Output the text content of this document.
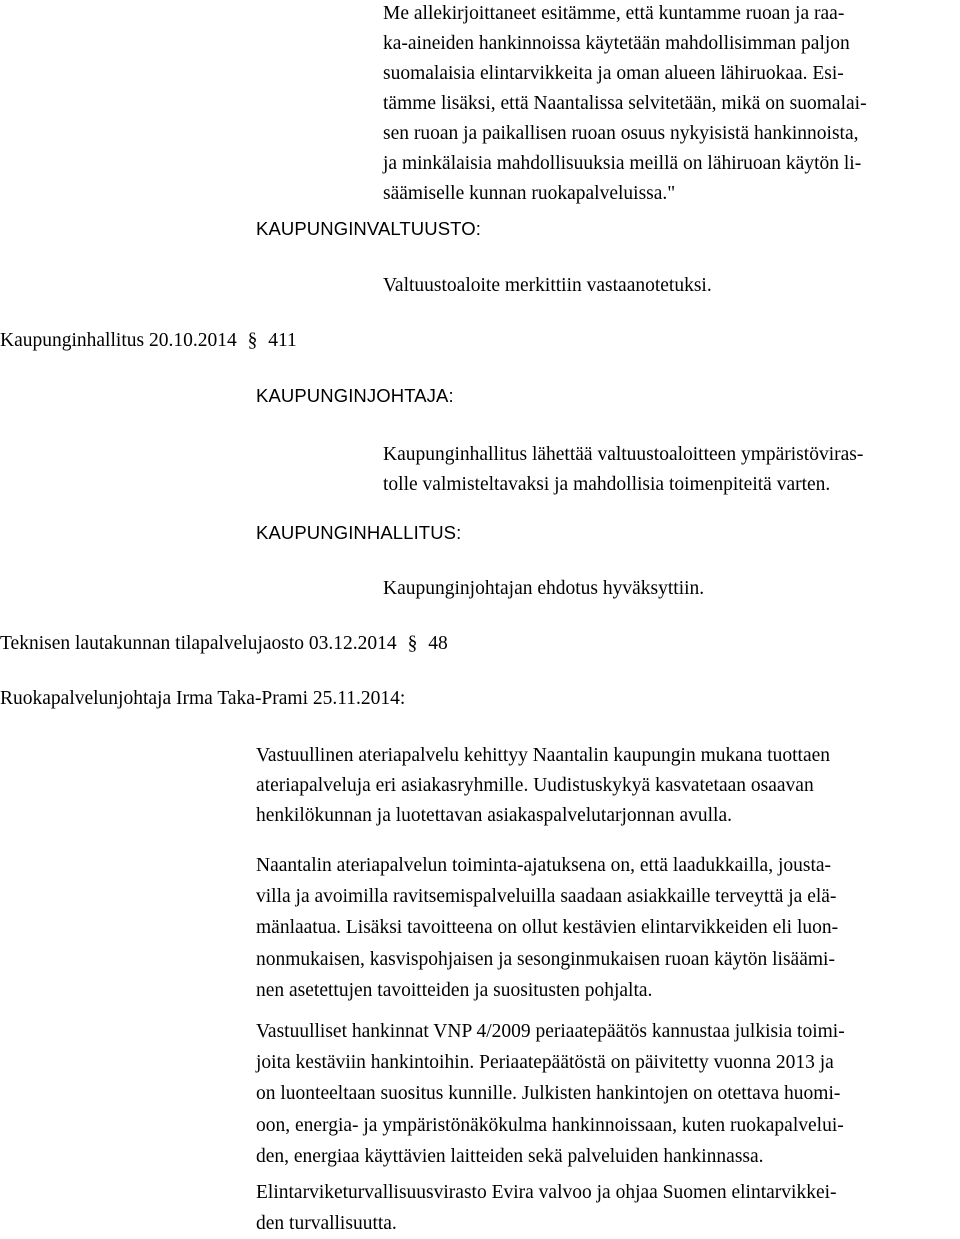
Me allekirjoittaneet esitämme, että kuntamme ruoan ja raa-
ka-aineiden hankinnoissa käytetään mahdollisimman paljon
suomalaisia elintarvikkeita ja oman alueen lähiruokaa. Esi-
tämme lisäksi, että Naantalissa selvitetään, mikä on suomalai-
sen ruoan ja paikallisen ruoan osuus nykyisistä hankinnoista,
ja minkälaisia mahdollisuuksia meillä on lähiruoan käytön li-
säämiselle kunnan ruokapalveluissa."
KAUPUNGINVALTUUSTO:
Valtuustoaloite merkittiin vastaanotetuksi.
Kaupunginhallitus 20.10.2014 § 411
KAUPUNGINJOHTAJA:
Kaupunginhallitus lähettää valtuustoaloitteen ympäristöviras-
tolle valmisteltavaksi ja mahdollisia toimenpiteitä varten.
KAUPUNGINHALLITUS:
Kaupunginjohtajan ehdotus hyväksyttiin.
Teknisen lautakunnan tilapalvelujaosto 03.12.2014 § 48
Ruokapalvelunjohtaja Irma Taka-Prami 25.11.2014:
Vastuullinen ateriapalvelu kehittyy Naantalin kaupungin mukana tuottaen
ateriapalveluja eri asiakasryhmille. Uudistuskykyä kasvatetaan osaavan
henkilökunnan ja luotettavan asiakaspalvelutarjonnan avulla.
Naantalin ateriapalvelun toiminta-ajatuksena on, että laadukkailla, jousta-
villa ja avoimilla ravitsemispalveluilla saadaan asiakkaille terveyttä ja elä-
mänlaatua. Lisäksi tavoitteena on ollut kestävien elintarvikkeiden eli luon-
nonmukaisen, kasvispohjaisen ja sesonginmukaisen ruoan käytön lisäämi-
nen asetettujen tavoitteiden ja suositusten pohjalta.
Vastuulliset hankinnat VNP 4/2009 periaatepäätös kannustaa julkisia toimi-
joita kestäviin hankintoihin. Periaatepäätöstä on päivitetty vuonna 2013 ja
on luonteeltaan suositus kunnille. Julkisten hankintojen on otettava huomi-
oon, energia- ja ympäristönäkökulma hankinnoissaan, kuten ruokapalvelui-
den, energiaa käyttävien laitteiden sekä palveluiden hankinnassa.
Elintarviketurvallisuusvirasto Evira valvoo ja ohjaa Suomen elintarvikkei-
den turvallisuutta.
